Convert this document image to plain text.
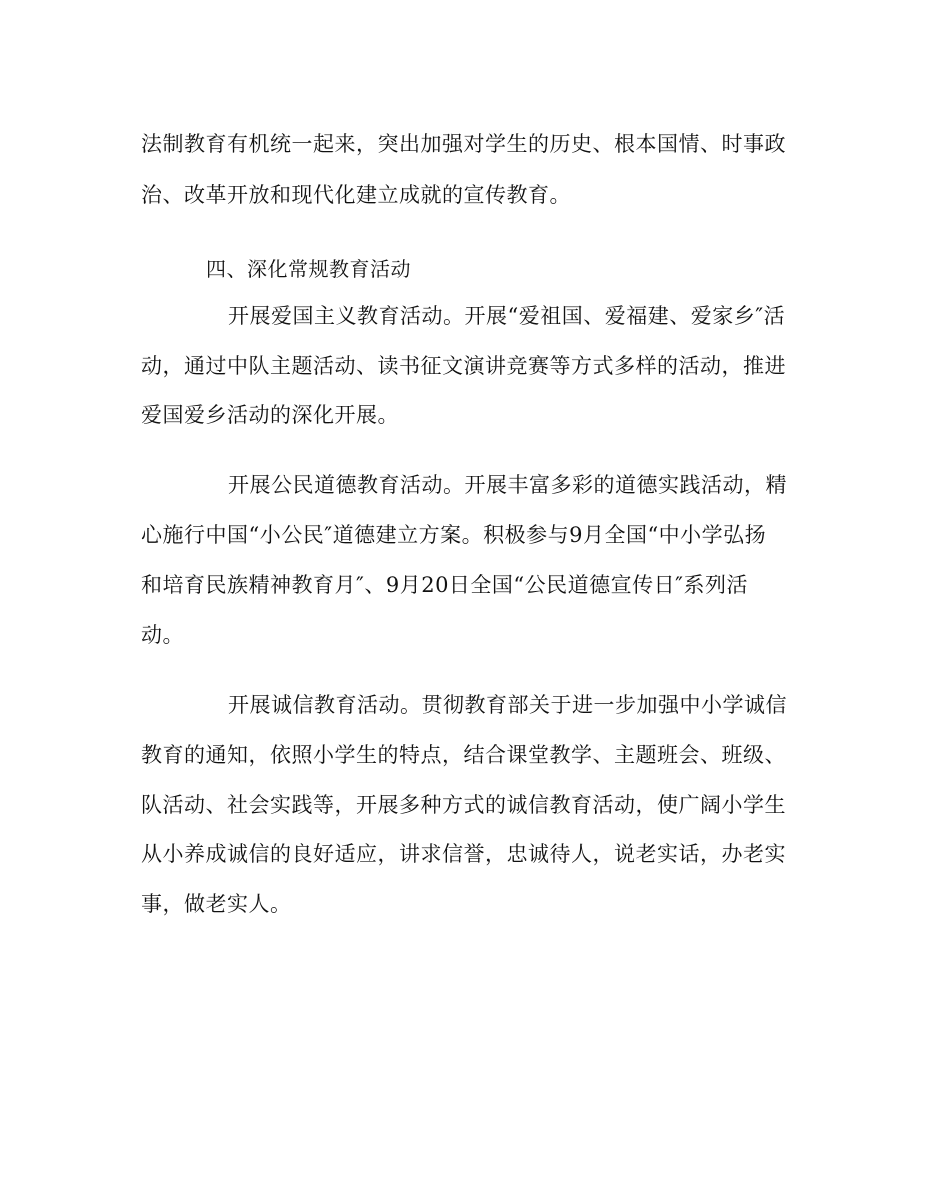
法制教育有机统一起来，突出加强对学生的历史、根本国情、时事政
治、改革开放和现代化建立成就的宣传教育。
四、深化常规教育活动
开展爱国主义教育活动。开展“爱祖国、爱福建、爱家乡″活
动，通过中队主题活动、读书征文演讲竞赛等方式多样的活动，推进
爱国爱乡活动的深化开展。
开展公民道德教育活动。开展丰富多彩的道德实践活动，精
心施行中国“小公民″道德建立方案。积极参与9月全国“中小学弘扬
和培育民族精神教育月″、9月20日全国“公民道德宣传日″系列活
动。
开展诚信教育活动。贯彻教育部关于进一步加强中小学诚信
教育的通知，依照小学生的特点，结合课堂教学、主题班会、班级、
队活动、社会实践等，开展多种方式的诚信教育活动，使广阔小学生
从小养成诚信的良好适应，讲求信誉，忠诚待人，说老实话，办老实
事，做老实人。
